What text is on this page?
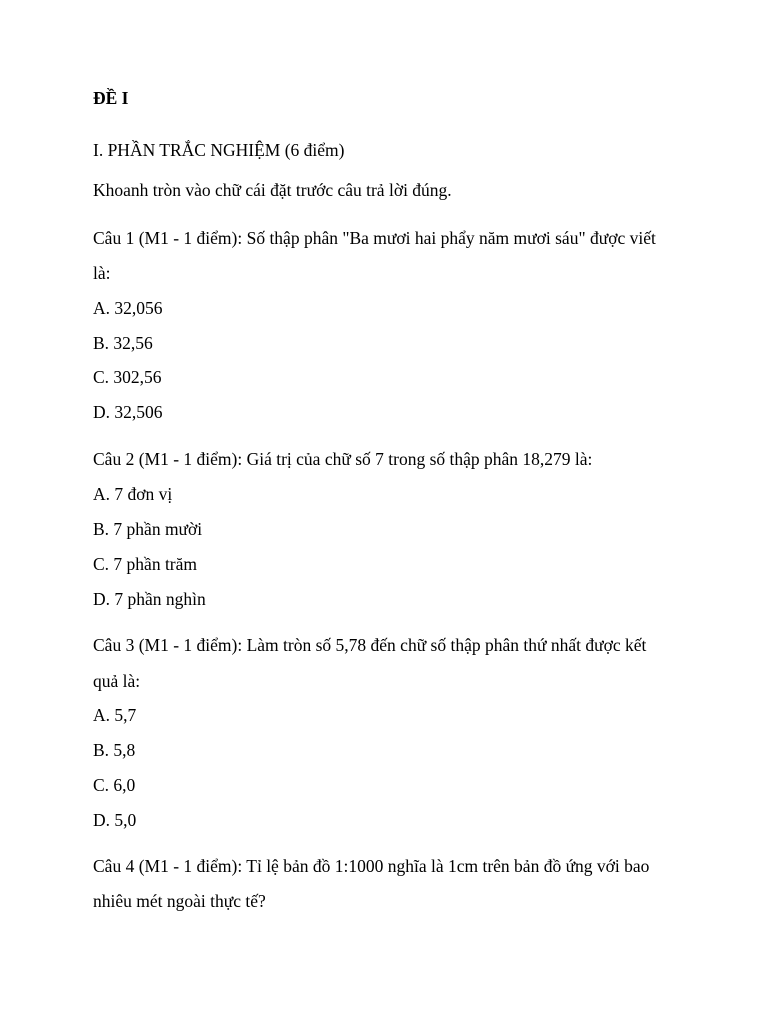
ĐỀ I
I. PHẦN TRẮC NGHIỆM (6 điểm)
Khoanh tròn vào chữ cái đặt trước câu trả lời đúng.
Câu 1 (M1 - 1 điểm): Số thập phân "Ba mươi hai phẩy năm mươi sáu" được viết
là:
A. 32,056
B. 32,56
C. 302,56
D. 32,506
Câu 2 (M1 - 1 điểm): Giá trị của chữ số 7 trong số thập phân 18,279 là:
A. 7 đơn vị
B. 7 phần mười
C. 7 phần trăm
D. 7 phần nghìn
Câu 3 (M1 - 1 điểm): Làm tròn số 5,78 đến chữ số thập phân thứ nhất được kết
quả là:
A. 5,7
B. 5,8
C. 6,0
D. 5,0
Câu 4 (M1 - 1 điểm): Tỉ lệ bản đồ 1:1000 nghĩa là 1cm trên bản đồ ứng với bao
nhiêu mét ngoài thực tế?
